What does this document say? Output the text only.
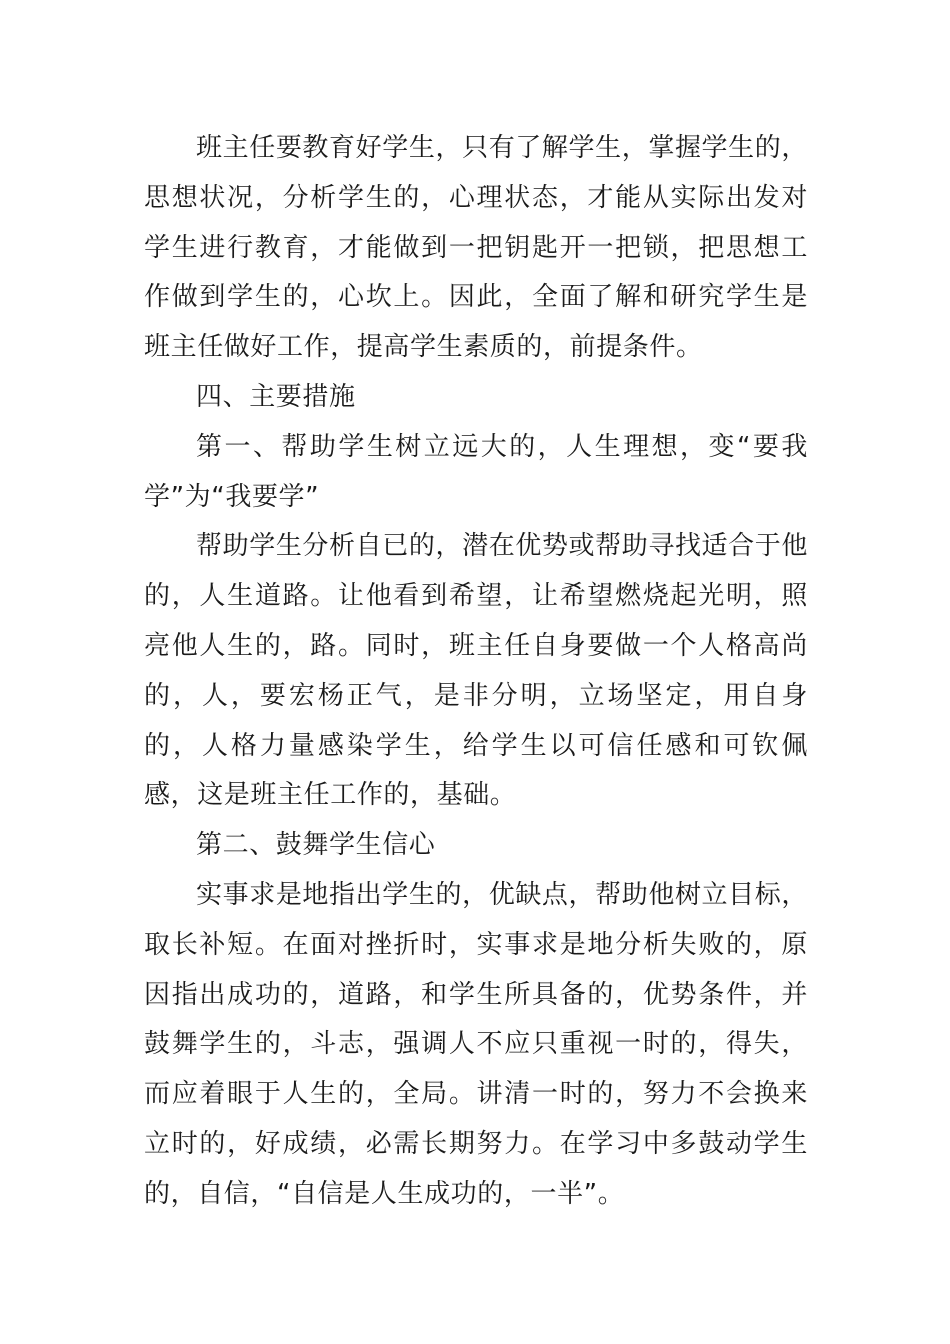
班主任要教育好学生，只有了解学生，掌握学生的，思想状况，分析学生的，心理状态，才能从实际出发对学生进行教育，才能做到一把钥匙开一把锁，把思想工作做到学生的，心坎上。因此，全面了解和研究学生是班主任做好工作，提高学生素质的，前提条件。

四、主要措施

第一、帮助学生树立远大的，人生理想，变“要我学”为“我要学”

帮助学生分析自已的，潜在优势或帮助寻找适合于他的，人生道路。让他看到希望，让希望燃烧起光明，照亮他人生的，路。同时，班主任自身要做一个人格高尚的，人，要宏杨正气，是非分明，立场坚定，用自身的，人格力量感染学生，给学生以可信任感和可钦佩感，这是班主任工作的，基础。

第二、鼓舞学生信心

实事求是地指出学生的，优缺点，帮助他树立目标，取长补短。在面对挫折时，实事求是地分析失败的，原因指出成功的，道路，和学生所具备的，优势条件，并鼓舞学生的，斗志，强调人不应只重视一时的，得失，而应着眼于人生的，全局。讲清一时的，努力不会换来立时的，好成绩，必需长期努力。在学习中多鼓动学生的，自信，“自信是人生成功的，一半”。
